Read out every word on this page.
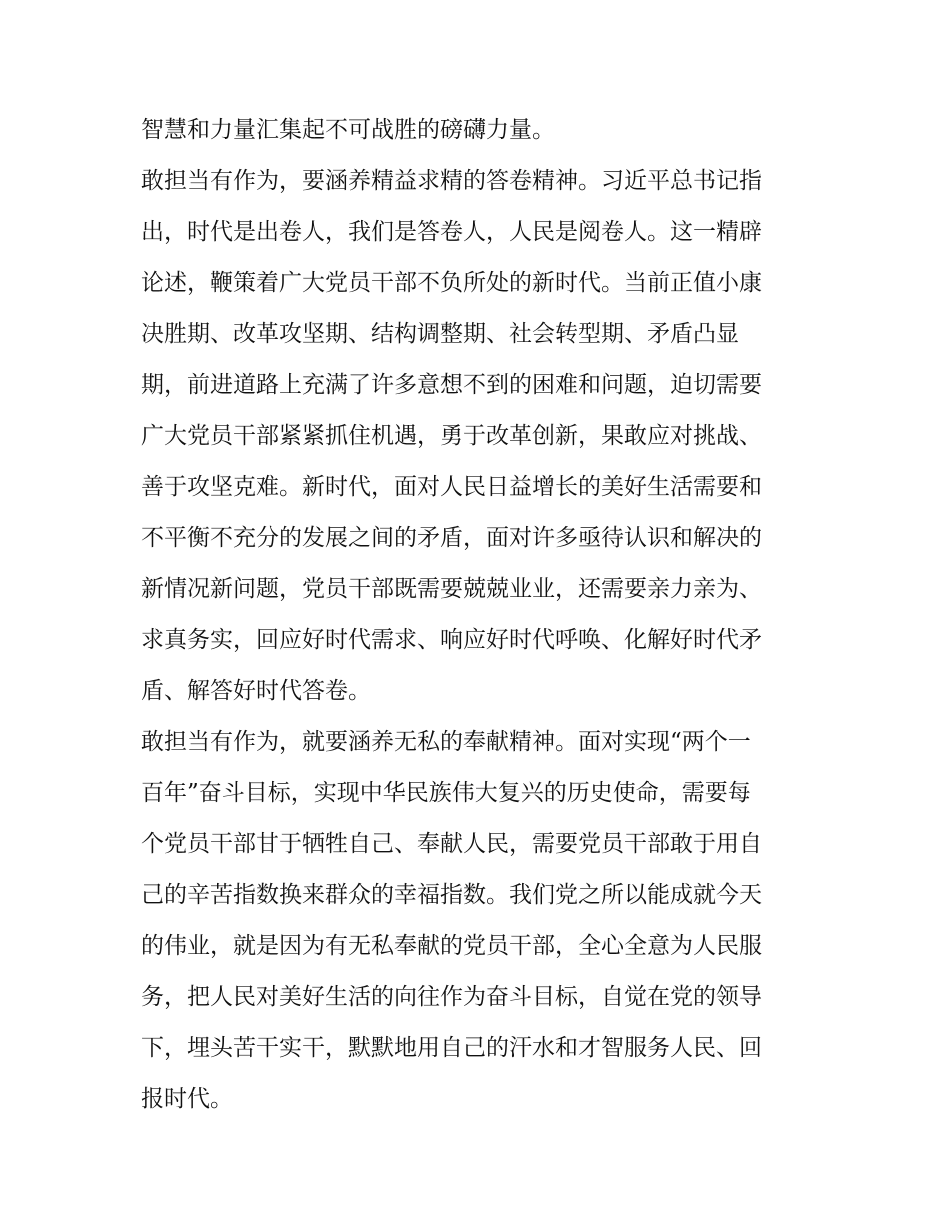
智慧和力量汇集起不可战胜的磅礴力量。
敢担当有作为，要涵养精益求精的答卷精神。习近平总书记指
出，时代是出卷人，我们是答卷人，人民是阅卷人。这一精辟
论述，鞭策着广大党员干部不负所处的新时代。当前正值小康
决胜期、改革攻坚期、结构调整期、社会转型期、矛盾凸显
期，前进道路上充满了许多意想不到的困难和问题，迫切需要
广大党员干部紧紧抓住机遇，勇于改革创新，果敢应对挑战、
善于攻坚克难。新时代，面对人民日益增长的美好生活需要和
不平衡不充分的发展之间的矛盾，面对许多亟待认识和解决的
新情况新问题，党员干部既需要兢兢业业，还需要亲力亲为、
求真务实，回应好时代需求、响应好时代呼唤、化解好时代矛
盾、解答好时代答卷。
敢担当有作为，就要涵养无私的奉献精神。面对实现“两个一
百年”奋斗目标，实现中华民族伟大复兴的历史使命，需要每
个党员干部甘于牺牲自己、奉献人民，需要党员干部敢于用自
己的辛苦指数换来群众的幸福指数。我们党之所以能成就今天
的伟业，就是因为有无私奉献的党员干部，全心全意为人民服
务，把人民对美好生活的向往作为奋斗目标，自觉在党的领导
下，埋头苦干实干，默默地用自己的汗水和才智服务人民、回
报时代。
